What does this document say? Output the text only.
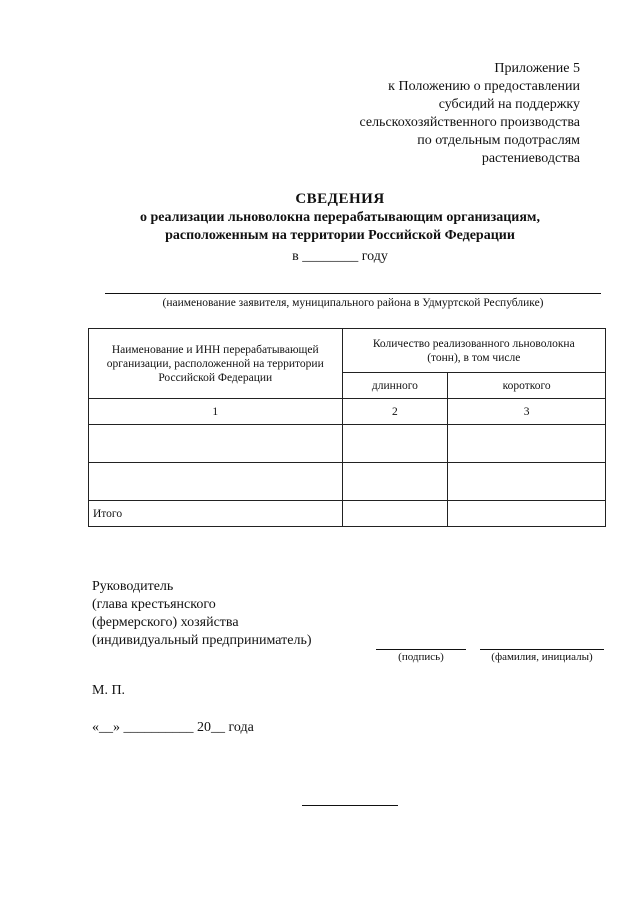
Приложение 5
к Положению о предоставлении
субсидий на поддержку
сельскохозяйственного производства
по отдельным подотраслям
растениеводства
СВЕДЕНИЯ
о реализации льноволокна перерабатывающим организациям,
расположенным на территории Российской Федерации
в ________ году
(наименование заявителя, муниципального района в Удмуртской Республике)
Наименование и ИНН перерабатывающей организации, расположенной на территории Российской Федерации	Количество реализованного льноволокна (тонн), в том числе	
	длинного	короткого
1	2	3

Итого		
Руководитель
(глава крестьянского
(фермерского) хозяйства
(индивидуальный предприниматель)
(подпись)	(фамилия, инициалы)
М. П.
«__» __________ 20__ года
